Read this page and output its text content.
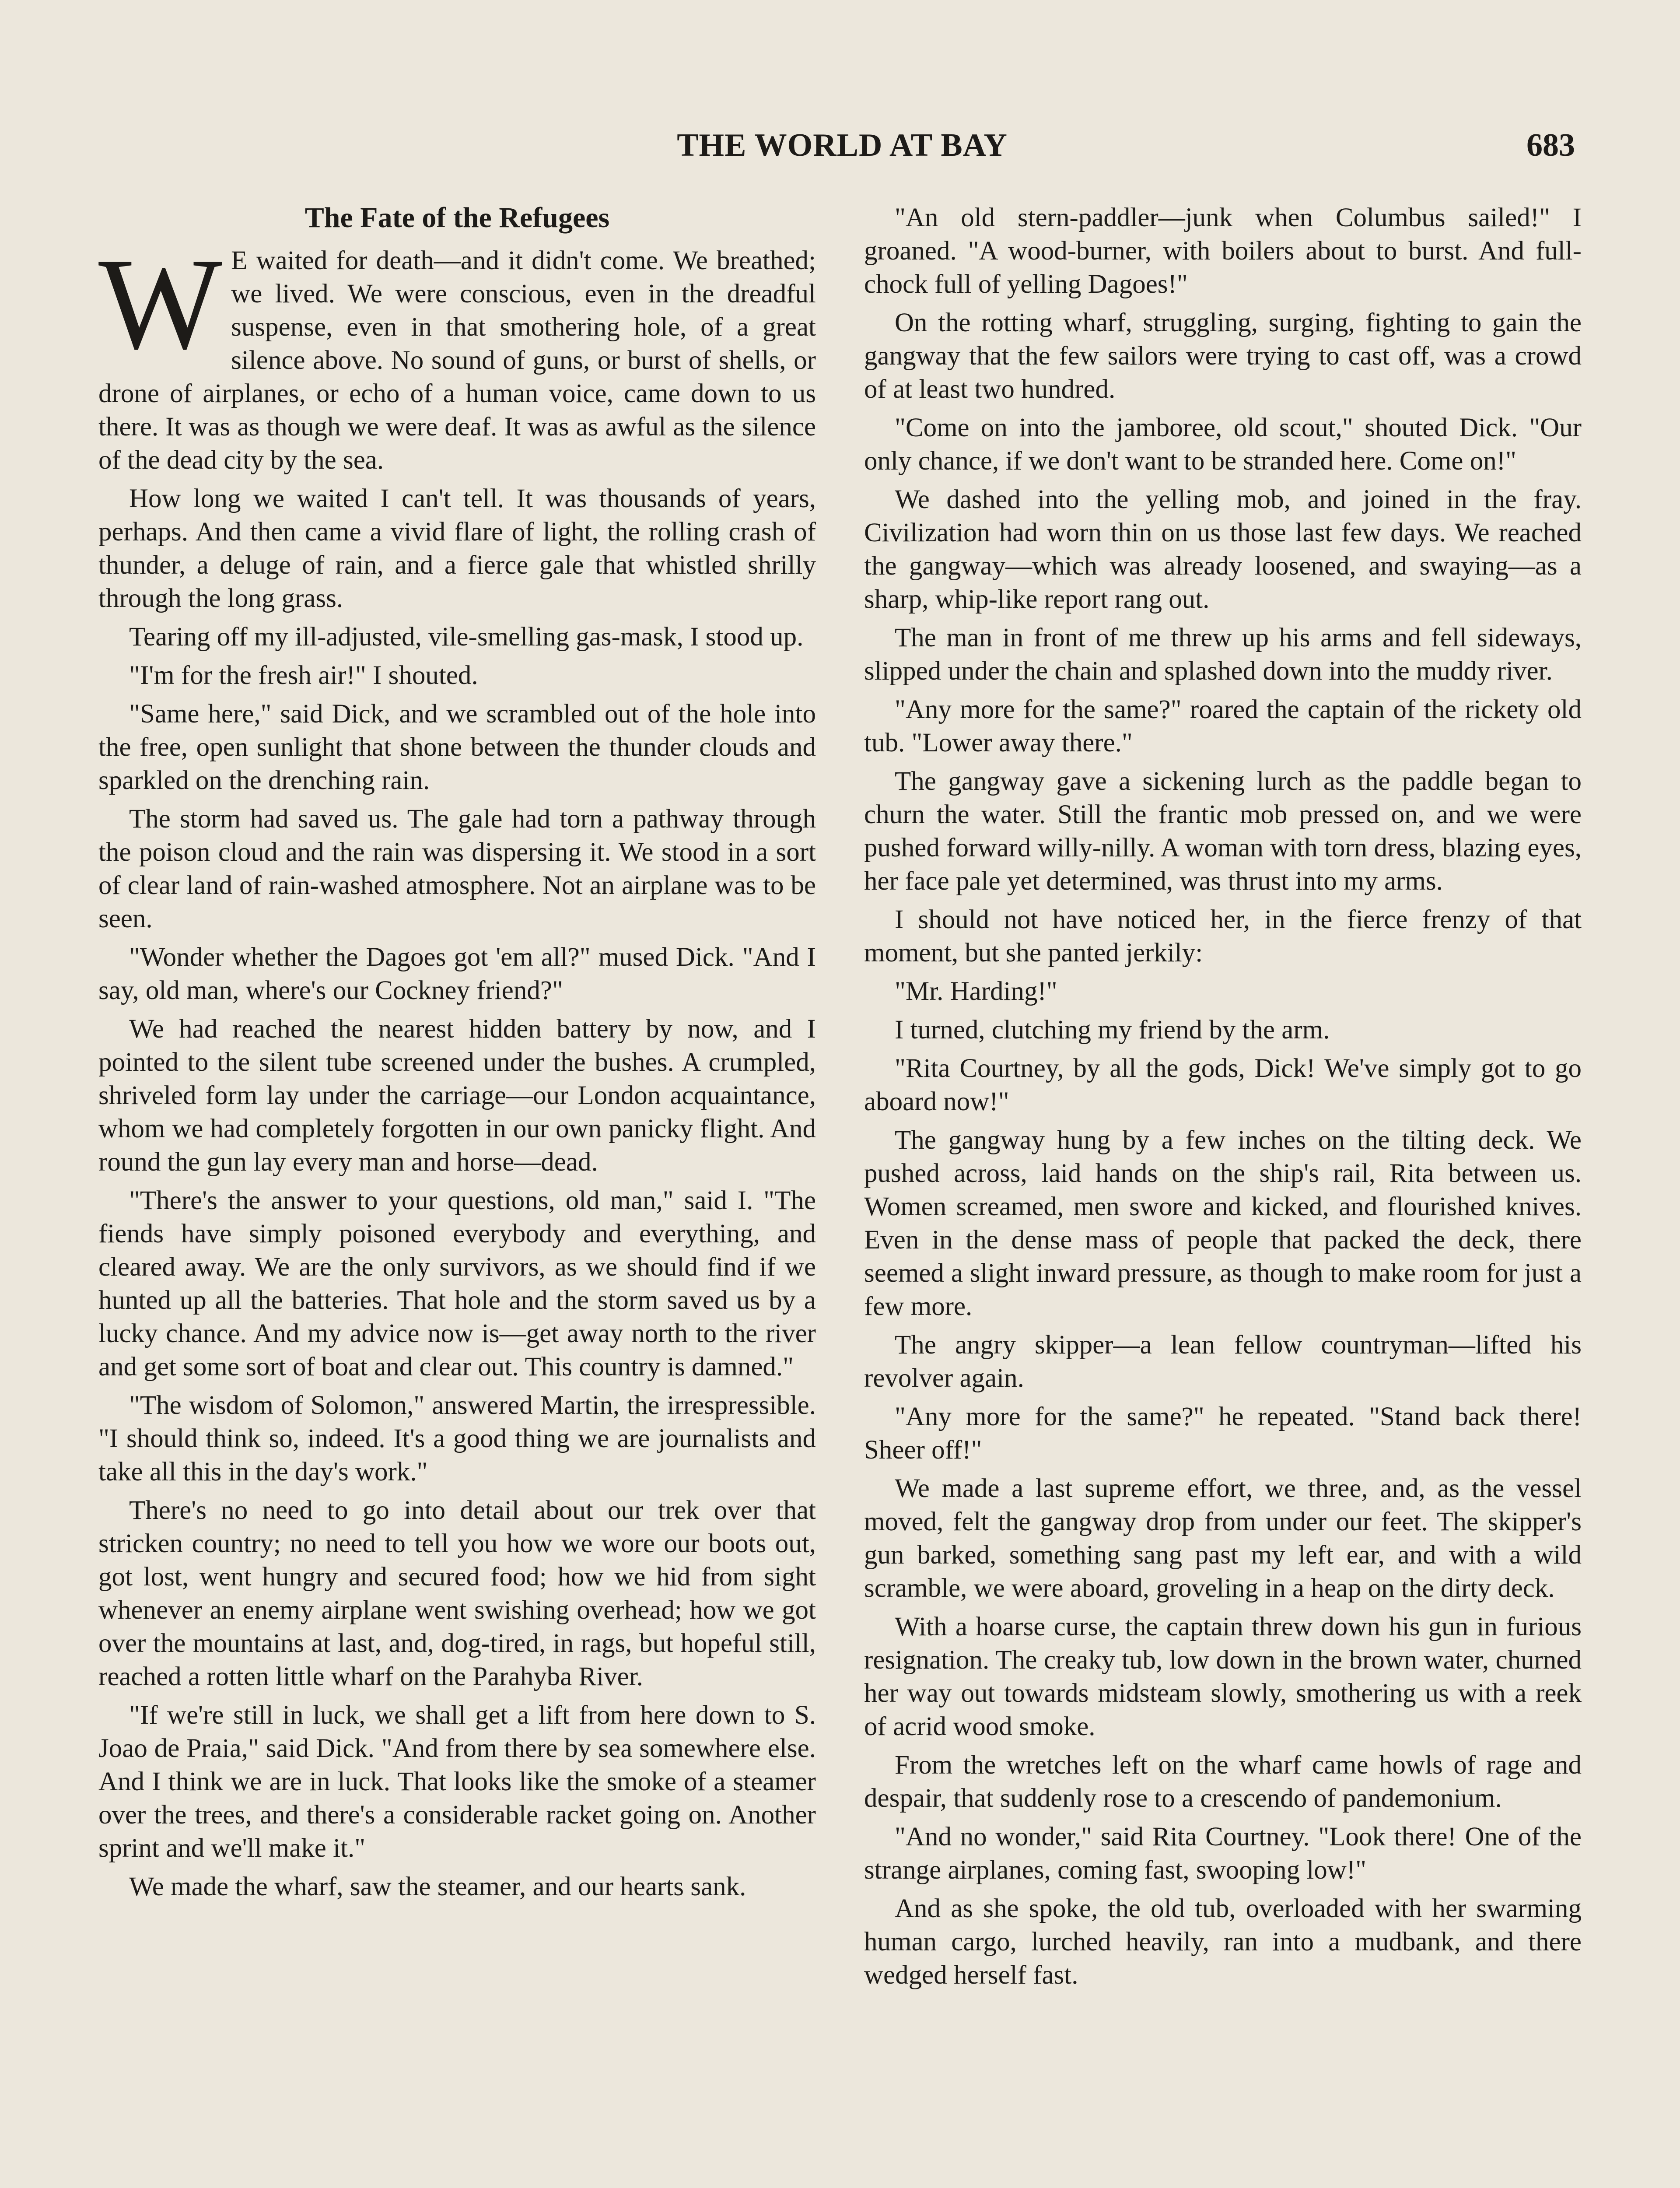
THE WORLD AT BAY	683
The Fate of the Refugees

W E waited for death—and it didn't come. We breathed; we lived. We were conscious, even in the dreadful suspense, even in that smothering hole, of a great silence above. No sound of guns, or burst of shells, or drone of airplanes, or echo of a human voice, came down to us there. It was as though we were deaf. It was as awful as the silence of the dead city by the sea.

How long we waited I can't tell. It was thousands of years, perhaps. And then came a vivid flare of light, the rolling crash of thunder, a deluge of rain, and a fierce gale that whistled shrilly through the long grass.

Tearing off my ill-adjusted, vile-smelling gas-mask, I stood up.

"I'm for the fresh air!" I shouted.

"Same here," said Dick, and we scrambled out of the hole into the free, open sunlight that shone between the thunder clouds and sparkled on the drenching rain.

The storm had saved us. The gale had torn a pathway through the poison cloud and the rain was dispersing it. We stood in a sort of clear land of rain-washed atmosphere. Not an airplane was to be seen.

"Wonder whether the Dagoes got 'em all?" mused Dick. "And I say, old man, where's our Cockney friend?"

We had reached the nearest hidden battery by now, and I pointed to the silent tube screened under the bushes. A crumpled, shriveled form lay under the carriage—our London acquaintance, whom we had completely forgotten in our own panicky flight. And round the gun lay every man and horse—dead.

"There's the answer to your questions, old man," said I. "The fiends have simply poisoned everybody and everything, and cleared away. We are the only survivors, as we should find if we hunted up all the batteries. That hole and the storm saved us by a lucky chance. And my advice now is—get away north to the river and get some sort of boat and clear out. This country is damned."

"The wisdom of Solomon," answered Martin, the irrespressible. "I should think so, indeed. It's a good thing we are journalists and take all this in the day's work."

There's no need to go into detail about our trek over that stricken country; no need to tell you how we wore our boots out, got lost, went hungry and secured food; how we hid from sight whenever an enemy airplane went swishing overhead; how we got over the mountains at last, and, dog-tired, in rags, but hopeful still, reached a rotten little wharf on the Parahyba River.

"If we're still in luck, we shall get a lift from here down to S. Joao de Praia," said Dick. "And from there by sea somewhere else. And I think we are in luck. That looks like the smoke of a steamer over the trees, and there's a considerable racket going on. Another sprint and we'll make it."

We made the wharf, saw the steamer, and our hearts sank.

"An old stern-paddler—junk when Columbus sailed!" I groaned. "A wood-burner, with boilers about to burst. And full-chock full of yelling Dagoes!"

On the rotting wharf, struggling, surging, fighting to gain the gangway that the few sailors were trying to cast off, was a crowd of at least two hundred.

"Come on into the jamboree, old scout," shouted Dick. "Our only chance, if we don't want to be stranded here. Come on!"

We dashed into the yelling mob, and joined in the fray. Civilization had worn thin on us those last few days. We reached the gangway—which was already loosened, and swaying—as a sharp, whip-like report rang out.

The man in front of me threw up his arms and fell sideways, slipped under the chain and splashed down into the muddy river.

"Any more for the same?" roared the captain of the rickety old tub. "Lower away there."

The gangway gave a sickening lurch as the paddle began to churn the water. Still the frantic mob pressed on, and we were pushed forward willy-nilly. A woman with torn dress, blazing eyes, her face pale yet determined, was thrust into my arms.

I should not have noticed her, in the fierce frenzy of that moment, but she panted jerkily:

"Mr. Harding!"

I turned, clutching my friend by the arm.

"Rita Courtney, by all the gods, Dick! We've simply got to go aboard now!"

The gangway hung by a few inches on the tilting deck. We pushed across, laid hands on the ship's rail, Rita between us. Women screamed, men swore and kicked, and flourished knives. Even in the dense mass of people that packed the deck, there seemed a slight inward pressure, as though to make room for just a few more.

The angry skipper—a lean fellow countryman—lifted his revolver again.

"Any more for the same?" he repeated. "Stand back there! Sheer off!"

We made a last supreme effort, we three, and, as the vessel moved, felt the gangway drop from under our feet. The skipper's gun barked, something sang past my left ear, and with a wild scramble, we were aboard, groveling in a heap on the dirty deck.

With a hoarse curse, the captain threw down his gun in furious resignation. The creaky tub, low down in the brown water, churned her way out towards midsteam slowly, smothering us with a reek of acrid wood smoke.

From the wretches left on the wharf came howls of rage and despair, that suddenly rose to a crescendo of pandemonium.

"And no wonder," said Rita Courtney. "Look there! One of the strange airplanes, coming fast, swooping low!"

And as she spoke, the old tub, overloaded with her swarming human cargo, lurched heavily, ran into a mudbank, and there wedged herself fast.
